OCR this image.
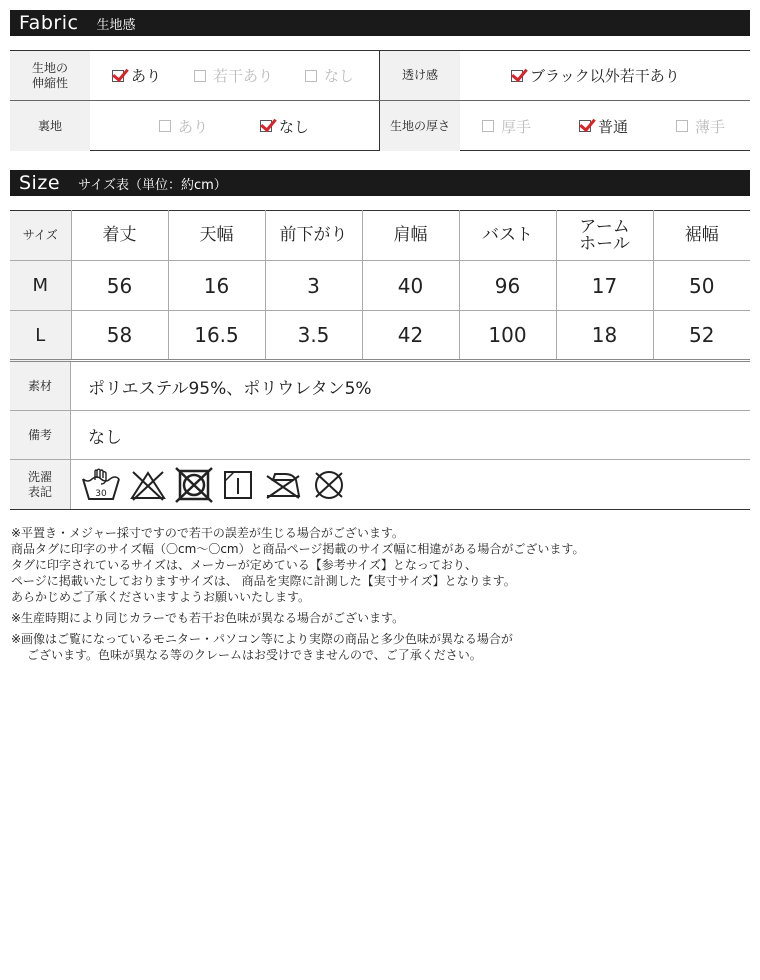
Fabric 生地感
生地の
伸縮性	あり	若干あり	なし	透け感	ブラック以外若干あり
裏地	あり	なし	生地の厚さ	厚手	普通	薄手
Size サイズ表（単位：約cm）
サイズ	着丈	天幅	前下がり	肩幅	バスト	アーム
ホール	裾幅
M	56	16	3	40	96	17	50
L	58	16.5	3.5	42	100	18	52
素材	ポリエステル95%、ポリウレタン5%
備考	なし
洗濯
表記	30

※平置き・メジャー採寸ですので若干の誤差が生じる場合がございます。

商品タグに印字のサイズ幅（〇cm～〇cm）と商品ページ掲載のサイズ幅に相違がある場合がございます。

タグに印字されているサイズは、メーカーが定めている【参考サイズ】となっており、

ページに掲載いたしておりますサイズは、 商品を実際に計測した【実寸サイズ】となります。

あらかじめご了承くださいますようお願いいたします。

※生産時期により同じカラーでも若干お色味が異なる場合がございます。

※画像はご覧になっているモニター・パソコン等により実際の商品と多少色味が異なる場合が

ございます。色味が異なる等のクレームはお受けできませんので、ご了承ください。
